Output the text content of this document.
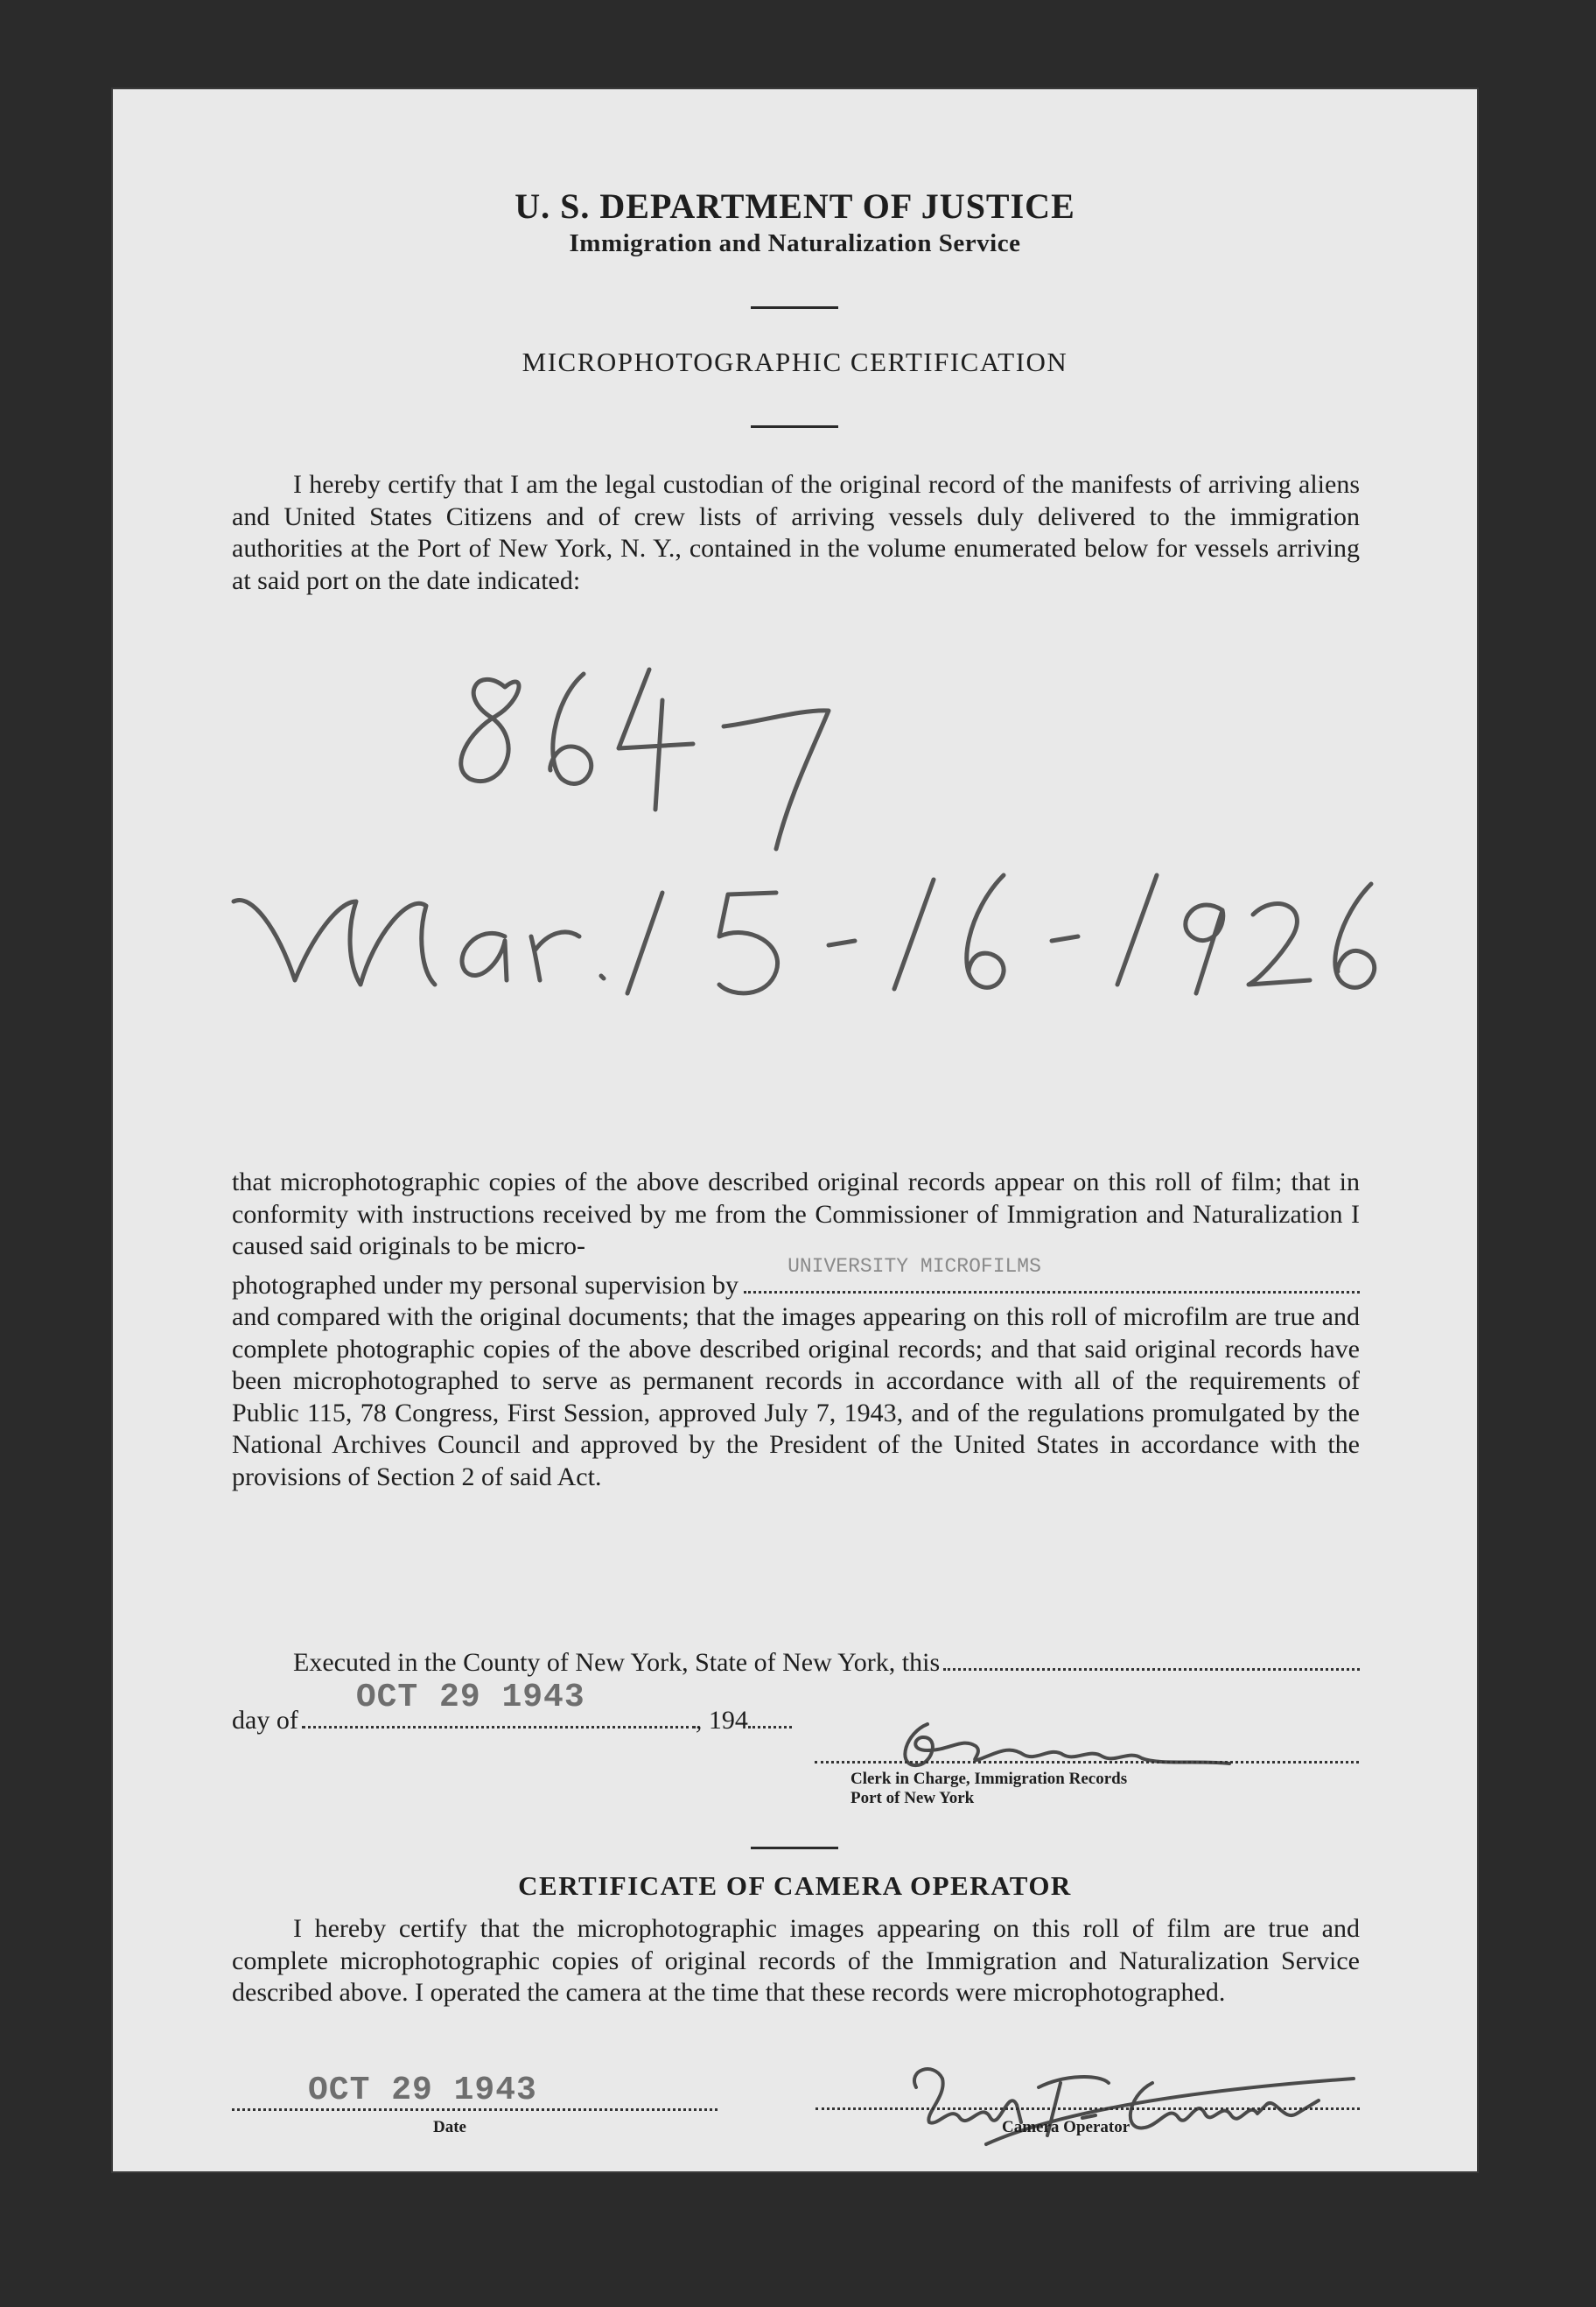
U. S. DEPARTMENT OF JUSTICE
Immigration and Naturalization Service
MICROPHOTOGRAPHIC CERTIFICATION
I hereby certify that I am the legal custodian of the original record of the manifests of arriving aliens and United States Citizens and of crew lists of arriving vessels duly delivered to the immigration authorities at the Port of New York, N. Y., contained in the volume enumerated below for vessels arriving at said port on the date indicated:
that microphotographic copies of the above described original records appear on this roll of film; that in conformity with instructions received by me from the Commissioner of Immigration and Naturalization I caused said originals to be micro-
photographed under my personal supervision by
UNIVERSITY MICROFILMS
and compared with the original documents; that the images appearing on this roll of microfilm are true and complete photographic copies of the above described original records; and that said original records have been microphotographed to serve as permanent records in accordance with all of the requirements of Public 115, 78 Congress, First Session, approved July 7, 1943, and of the regulations promulgated by the National Archives Council and approved by the President of the United States in accordance with the provisions of Section 2 of said Act.
Executed in the County of New York, State of New York, this
day of
OCT 29 1943
, 194
Clerk in Charge, Immigration Records
Port of New York
CERTIFICATE OF CAMERA OPERATOR
I hereby certify that the microphotographic images appearing on this roll of film are true and complete microphotographic copies of original records of the Immigration and Naturalization Service described above. I operated the camera at the time that these records were microphotographed.
OCT 29 1943
Date	Camera Operator
